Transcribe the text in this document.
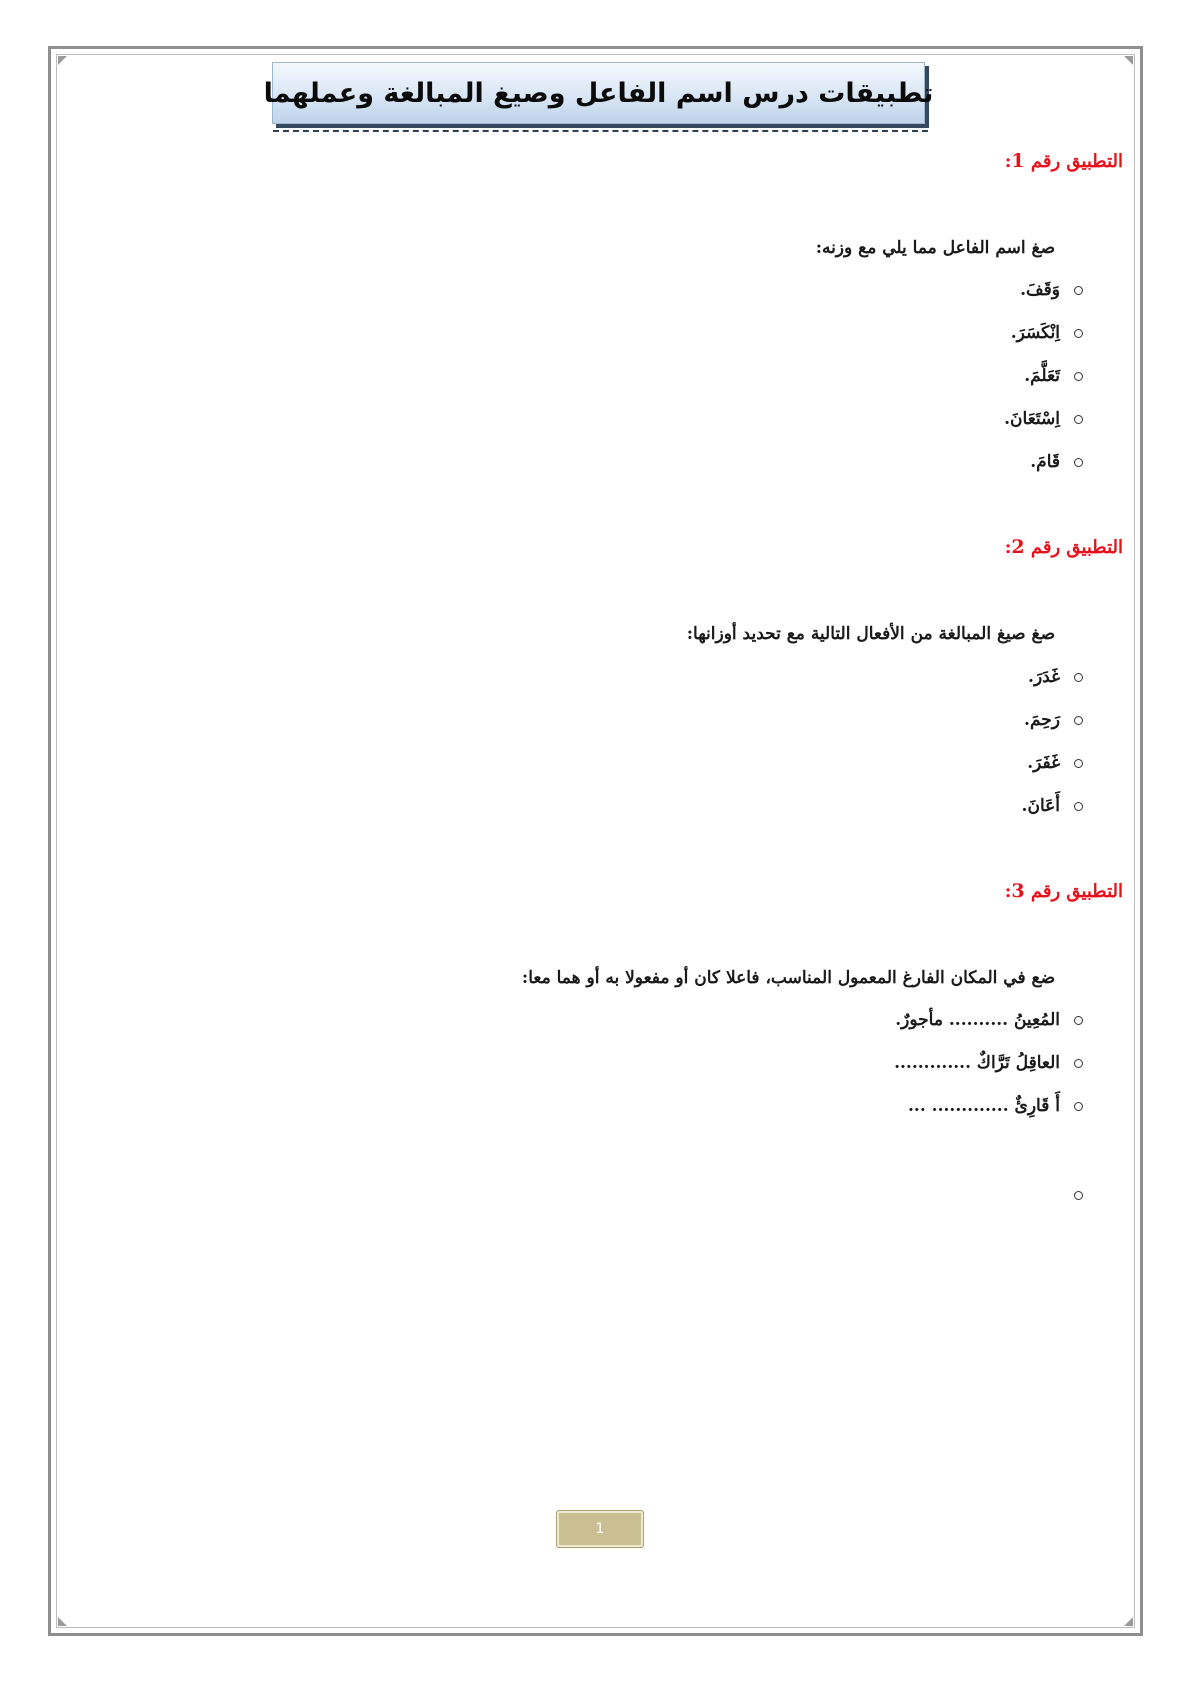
تطبيقات درس اسم الفاعل وصيغ المبالغة وعملهما
التطبيق رقم 1:
صغ اسم الفاعل مما يلي مع وزنه:
وَقَفَ.
اِنْكَسَرَ.
تَعَلَّمَ.
اِسْتَعَانَ.
قَامَ.
التطبيق رقم 2:
صغ صيغ المبالغة من الأفعال التالية مع تحديد أوزانها:
غَدَرَ.
رَحِمَ.
غَفَرَ.
أَعَانَ.
التطبيق رقم 3:
ضع في المكان الفارغ المعمول المناسب، فاعلا كان أو مفعولا به أو هما معا:
المُعِينُ .......... مأجورٌ.
العاقِلُ تَرَّاكٌ .............
أَ قَارِئٌ ............. ...
1
